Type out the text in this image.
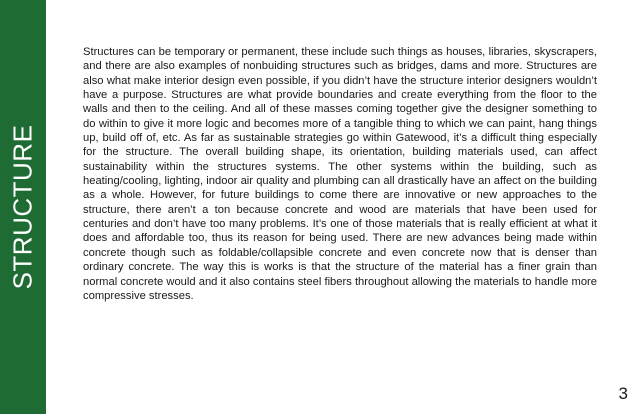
STRUCTURE

Structures can be temporary or permanent, these include such things as houses, libraries, skyscrapers, and there are also examples of nonbuiding structures such as bridges, dams and more. Structures are also what make interior design even possible, if you didn’t have the structure interior designers wouldn’t have a purpose. Structures are what provide boundaries and create everything from the floor to the walls and then to the ceiling. And all of these masses coming together give the designer something to do within to give it more logic and becomes more of a tangible thing to which we can paint, hang things up, build off of, etc. As far as sustainable strategies go within Gatewood, it’s a difficult thing especially for the structure. The overall building shape, its orientation, building materials used, can affect sustainability within the structures systems. The other systems within the building, such as heating/cooling, lighting, indoor air quality and plumbing can all drastically have an affect on the building as a whole. However, for future buildings to come there are innovative or new approaches to the structure, there aren’t a ton because concrete and wood are materials that have been used for centuries and don’t have too many problems. It’s one of those materials that is really efficient at what it does and affordable too, thus its reason for being used. There are new advances being made within concrete though such as foldable/collapsible concrete and even concrete now that is denser than ordinary concrete. The way this is works is that the structure of the material has a finer grain than normal concrete would and it also contains steel fibers throughout allowing the materials to handle more compressive stresses.

3
